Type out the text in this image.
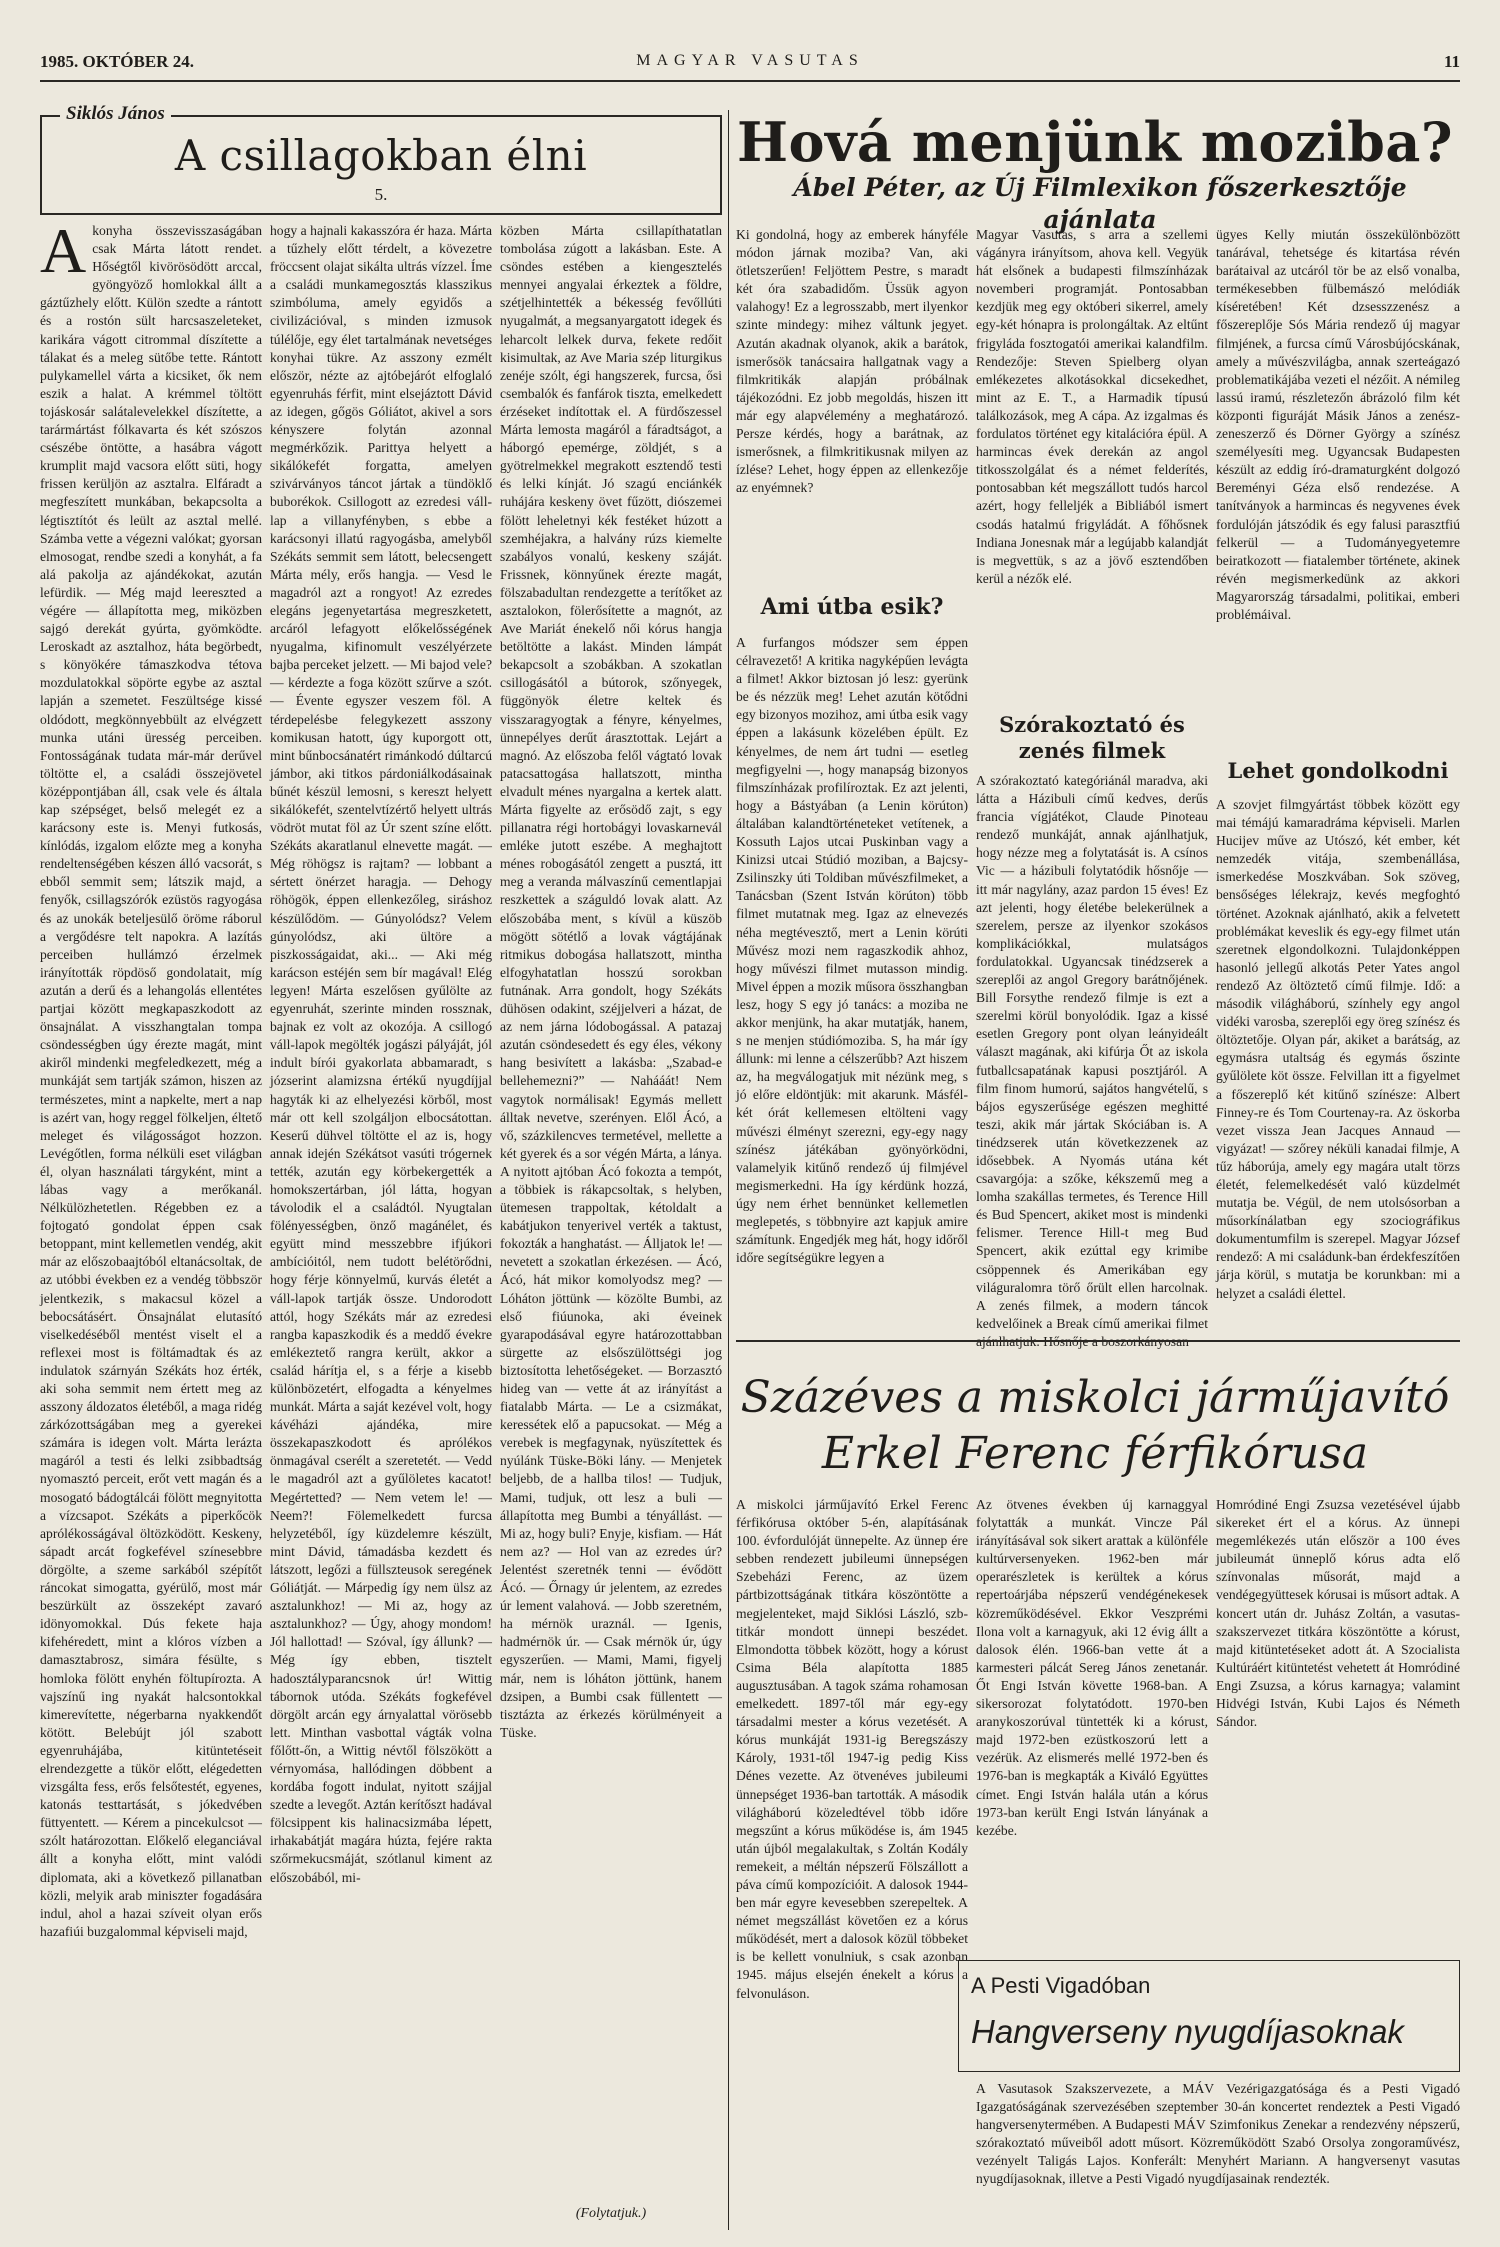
1985. OKTÓBER 24.	MAGYAR VASUTAS	11
Siklós János
A csillagokban élni
5.

Akonyha összevisszaságában csak Márta látott rendet. Hőségtől kivörösödött arccal, gyöngyöző homlokkal állt a gáztűzhely előtt. Külön szedte a rántott és a rostón sült harcsaszeleteket, karikára vágott citrommal díszítette a tálakat és a meleg sütőbe tette. Rántott pulykamellel várta a kicsiket, ők nem eszik a halat. A krémmel töltött tojáskosár salátalevelekkel díszítette, a tarármártást fólkavarta és két szószos csészébe öntötte, a hasábra vágott krumplit majd vacsora előtt süti, hogy frissen kerüljön az asztalra. Elfáradt a megfeszített munkában, bekapcsolta a légtisztítót és leült az asztal mellé. Számba vette a végezni valókat; gyorsan elmosogat, rendbe szedi a konyhát, a fa alá pakolja az ajándékokat, azután lefürdik. — Még majd leereszted a végére — állapította meg, miközben sajgó derekát gyúrta, gyömködte. Leroskadt az asztalhoz, háta begörbedt, s könyökére támaszkodva tétova mozdulatokkal söpörte egybe az asztal lapján a szemetet. Feszültsége kissé oldódott, megkönnyebbült az elvégzett munka utáni üresség perceiben. Fontosságának tudata már-már derűvel töltötte el, a családi összejövetel középpontjában áll, csak vele és általa kap szépséget, belső melegét ez a karácsony este is. Menyi futkosás, kínlódás, izgalom előzte meg a konyha rendeltenségében készen álló vacsorát, s ebből semmit sem; látszik majd, a fenyők, csillagszórók ezüstös ragyogása és az unokák beteljesülő öröme ráborul a vergődésre telt napokra. A lazítás perceiben hullámzó érzelmek irányították röpdöső gondolatait, míg azután a derű és a lehangolás ellentétes partjai között megkapaszkodott az önsajnálat. A visszhangtalan tompa csöndességben úgy érezte magát, mint akiről mindenki megfeledkezett, még a munkáját sem tartják számon, hiszen az természetes, mint a napkelte, mert a nap is azért van, hogy reggel fölkeljen, éltető meleget és világosságot hozzon. Levégőtlen, forma nélküli eset világban él, olyan használati tárgyként, mint a lábas vagy a merőkanál. Nélkülözhetetlen. Régebben ez a fojtogató gondolat éppen csak betoppant, mint kellemetlen vendég, akit már az előszobaajtóból eltanácsoltak, de az utóbbi években ez a vendég többször jelentkezik, s makacsul közel a bebocsátásért. Önsajnálat elutasító viselkedéséből mentést viselt el a reflexei most is föltámadtak és az indulatok szárnyán Székáts hoz érték, aki soha semmit nem értett meg az asszony áldozatos életéből, a maga ridég zárkózottságában meg a gyerekei számára is idegen volt. Márta lerázta magáról a testi és lelki zsibbadtság nyomasztó perceit, erőt vett magán és a mosogató bádogtálcái fölött megnyitotta a vízcsapot. Székáts a piperkőcök aprólékosságával öltözködött. Keskeny, sápadt arcát fogkefével színesebbre dörgölte, a szeme sarkából szépítőt ráncokat simogatta, gyérülő, most már beszürkült az összeképt zavaró idönyomokkal. Dús fekete haja kifehéredett, mint a klóros vízben a damasztabrosz, simára fésülte, s homloka fölött enyhén föltupírozta. A vajszínű ing nyakát halcsontokkal kimerevítette, négerbarna nyakkendőt kötött. Belebújt jól szabott egyenruhájába, kitüntetéseit elrendezgette a tükör előtt, elégedetten vizsgálta fess, erős felsőtestét, egyenes, katonás testtartását, s jókedvében füttyentett. — Kérem a pincekulcsot — szólt határozottan. Előkelő eleganciával állt a konyha előtt, mint valódi diplomata, aki a következő pillanatban közli, melyik arab miniszter fogadására indul, ahol a hazai szíveit olyan erős hazafiúi buzgalommal képviseli majd,

hogy a hajnali kakasszóra ér haza. Márta a tűzhely előtt térdelt, a kövezetre fröccsent olajat sikálta ultrás vízzel. Íme a családi munkamegosztás klasszikus szimbóluma, amely egyidős a civilizációval, s minden izmusok túlélője, egy élet tartalmának nevetséges konyhai tükre. Az asszony ezmélt először, nézte az ajtóbejárót elfoglaló egyenruhás férfit, mint elsejáztott Dávid az idegen, gőgös Góliátot, akivel a sors kényszere folytán azonnal megmérkőzik. Parittya helyett a sikálókefét forgatta, amelyen szivárványos táncot jártak a tündöklő buborékok. Csillogott az ezredesi váll-lap a villanyfényben, s ebbe a karácsonyi illatú ragyogásba, amelyből Székáts semmit sem látott, belecsengett Márta mély, erős hangja. — Vesd le magadról azt a rongyot! Az ezredes elegáns jegenyetartása megreszketett, arcáról lefagyott előkelősségének nyugalma, kifinomult veszélyérzete bajba perceket jelzett. — Mi bajod vele? — kérdezte a foga között szűrve a szót. — Évente egyszer veszem föl. A térdepelésbe felegykezett asszony komikusan hatott, úgy kuporgott ott, mint bűnbocsánatért rimánkodó dúltarcú jámbor, aki titkos párdoniálkodásainak bűnét készül lemosni, s kereszt helyett sikálókefét, szentelvtízértő helyett ultrás vödröt mutat föl az Úr szent színe előtt. Székáts akaratlanul elnevette magát. — Még röhögsz is rajtam? — lobbant a sértett önérzet haragja. — Dehogy röhögök, éppen ellenkezőleg, siráshoz készülődöm. — Gúnyolódsz? Velem gúnyolódsz, aki ültöre a piszkosságaidat, aki... — Aki még karácson estéjén sem bír magával! Elég legyen! Márta eszelősen gyűlölte az egyenruhát, szerinte minden rossznak, bajnak ez volt az okozója. A csillogó váll-lapok megölték jogászi pályáját, jól indult bírói gyakorlata abbamaradt, s józserint alamizsna értékű nyugdíjjal hagyták ki az elhelyezési körből, most már ott kell szolgáljon elbocsátottan. Keserű dühvel töltötte el az is, hogy annak idején Székátsot vasúti trógernek tették, azután egy körbekergették a homokszertárban, jól látta, hogyan távolodik el a családtól. Nyugtalan fölényességben, önző magánélet, és együtt mind messzebbre ifjúkori ambícióitól, nem tudott belétörődni, hogy férje könnyelmű, kurvás életét a váll-lapok tartják össze. Undorodott attól, hogy Székáts már az ezredesi rangba kapaszkodik és a meddő évekre emlékeztető rangra került, akkor a család hárítja el, s a férje a kisebb különbözetért, elfogadta a kényelmes munkát. Márta a saját kezével volt, hogy kávéházi ajándéka, mire összekapaszkodott és aprólékos önmagával cserélt a szeretetét. — Vedd le magadról azt a gyűlöletes kacatot! Megértetted? — Nem vetem le! — Neem?! Fölemelkedett furcsa helyzetéből, így küzdelemre készült, mint Dávid, támadásba kezdett és látszott, legőzi a füllszteusok seregének Góliátját. — Márpedig így nem ülsz az asztalunkhoz! — Mi az, hogy az asztalunkhoz? — Úgy, ahogy mondom! Jól hallottad! — Szóval, így állunk? — Még így ebben, tisztelt hadosztályparancsnok úr! Wittig tábornok utóda. Székáts fogkefével dörgölt arcán egy árnyalattal vörösebb lett. Minthan vasbottal vágták volna főlőtt-őn, a Wittig névtől fölszökött a vérnyomása, hallódingen döbbent a kordába fogott indulat, nyitott szájjal szedte a levegőt. Aztán kerítőszt hadával fölcsippent kis halinacsizmába lépett, irhakabátját magára húzta, fejére rakta szőrmekucsmáját, szótlanul kiment az előszobából, mi-

közben Márta csillapíthatatlan tombolása zúgott a lakásban. Este. A csöndes estében a kiengesztelés mennyei angyalai érkeztek a földre, szétjelhintették a békesség fevőllúti nyugalmát, a megsanyargatott idegek és leharcolt lelkek durva, fekete redőit kisimultak, az Ave Maria szép liturgikus zenéje szólt, égi hangszerek, furcsa, ősi csembalók és fanfárok tiszta, emelkedett érzéseket indítottak el. A fürdőszessel Márta lemosta magáról a fáradtságot, a háborgó epemérge, zöldjét, s a gyötrelmekkel megrakott esztendő testi és lelki kínját. Jó szagú enciánkék ruhájára keskeny övet fűzött, diószemei fölött leheletnyi kék festéket húzott a szemhéjakra, a halvány rúzs kiemelte szabályos vonalú, keskeny száját. Frissnek, könnyűnek érezte magát, fölszabadultan rendezgette a terítőket az asztalokon, fölerősítette a magnót, az Ave Mariát énekelő női kórus hangja betöltötte a lakást. Minden lámpát bekapcsolt a szobákban. A szokatlan csillogásától a bútorok, szőnyegek, függönyök életre keltek és visszaragyogtak a fényre, kényelmes, ünnepélyes derűt árasztottak. Lejárt a magnó. Az előszoba felől vágtató lovak patacsattogása hallatszott, mintha elvadult ménes nyargalna a kertek alatt. Márta figyelte az erősödő zajt, s egy pillanatra régi hortobágyi lovaskarnevál emléke jutott eszébe. A meghajtott ménes robogásától zengett a pusztá, itt meg a veranda málvaszínű cementlapjai reszkettek a száguldó lovak alatt. Az előszobába ment, s kívül a küszöb mögött sötétlő a lovak vágtájának ritmikus dobogása hallatszott, mintha elfogyhatatlan hosszú sorokban futnának. Arra gondolt, hogy Székáts dühösen odakint, széjjelveri a házat, de az nem járna lódobogással. A patazaj azután csöndesedett és egy éles, vékony hang besivített a lakásba: „Szabad-e bellehemezni?” — Nahááát! Nem vagytok normálisak! Egymás mellett álltak nevetve, szerényen. Elől Ácó, a vő, százkilencves termetével, mellette a két gyerek és a sor végén Márta, a lánya. A nyitott ajtóban Ácó fokozta a tempót, a többiek is rákapcsoltak, s helyben, ütemesen trappoltak, kétoldalt a kabátjukon tenyerivel verték a taktust, fokozták a hanghatást. — Álljatok le! — nevetett a szokatlan érkezésen. — Ácó, Ácó, hát mikor komolyodsz meg? — Lóháton jöttünk — közölte Bumbi, az első fiúunoka, aki éveinek gyarapodásával egyre határozottabban sürgette az elsőszülöttségi jog biztosította lehetőségeket. — Borzasztó hideg van — vette át az irányítást a fiatalabb Márta. — Le a csizmákat, keressétek elő a papucsokat. — Még a verebek is megfagynak, nyüszítettek és nyúlánk Tüske-Böki lány. — Menjetek beljebb, de a hallba tilos! — Tudjuk, Mami, tudjuk, ott lesz a buli — állapította meg Bumbi a tényállást. — Mi az, hogy buli? Enyje, kisfiam. — Hát nem az? — Hol van az ezredes úr? Jelentést szeretnék tenni — évődött Ácó. — Őrnagy úr jelentem, az ezredes úr lement valahová. — Jobb szeretném, ha mérnök uraznál. — Igenis, hadmérnök úr. — Csak mérnök úr, úgy egyszerűen. — Mami, Mami, figyelj már, nem is lóháton jöttünk, hanem dzsipen, a Bumbi csak füllentett — tisztázta az érkezés körülményeit a Tüske.

(Folytatjuk.)
Hová menjünk moziba?
Ábel Péter, az Új Filmlexikon főszerkesztője ajánlata

Ki gondolná, hogy az emberek hányféle módon járnak moziba? Van, aki ötletszerűen! Feljöttem Pestre, s maradt két óra szabadidőm. Üssük agyon valahogy! Ez a legrosszabb, mert ilyenkor szinte mindegy: mihez váltunk jegyet. Azután akadnak olyanok, akik a barátok, ismerősök tanácsaira hallgatnak vagy a filmkritikák alapján próbálnak tájékozódni. Ez jobb megoldás, hiszen itt már egy alapvélemény a meghatározó. Persze kérdés, hogy a barátnak, az ismerősnek, a filmkritikusnak milyen az ízlése? Lehet, hogy éppen az ellenkezője az enyémnek?

Ami útba esik?

A furfangos módszer sem éppen célravezető! A kritika nagyképűen levágta a filmet! Akkor biztosan jó lesz: gyerünk be és nézzük meg! Lehet azután kötődni egy bizonyos mozihoz, ami útba esik vagy éppen a lakásunk közelében épült. Ez kényelmes, de nem árt tudni — esetleg megfigyelni —, hogy manapság bizonyos filmszínházak profilíroztak. Ez azt jelenti, hogy a Bástyában (a Lenin körúton) általában kalandtörténeteket vetítenek, a Kossuth Lajos utcai Puskinban vagy a Kinizsi utcai Stúdió moziban, a Bajcsy-Zsilinszky úti Toldiban művészfilmeket, a Tanácsban (Szent István körúton) több filmet mutatnak meg. Igaz az elnevezés néha megtévesztő, mert a Lenin körúti Művész mozi nem ragaszkodik ahhoz, hogy művészi filmet mutasson mindig. Mivel éppen a mozik műsora összhangban lesz, hogy S egy jó tanács: a moziba ne akkor menjünk, ha akar mutatják, hanem, s ne menjen stúdiómoziba. S, ha már így állunk: mi lenne a célszerűbb? Azt hiszem az, ha megválogatjuk mit nézünk meg, s jó előre eldöntjük: mit akarunk. Másfél-két órát kellemesen eltölteni vagy művészi élményt szerezni, egy-egy nagy színész játékában gyönyörködni, valamelyik kitűnő rendező új filmjével megismerkedni. Ha így kérdünk hozzá, úgy nem érhet bennünket kellemetlen meglepetés, s többnyire azt kapjuk amire számítunk. Engedjék meg hát, hogy időről időre segítségükre legyen a

Magyar Vasutas, s arra a szellemi vágányra irányítsom, ahova kell. Vegyük hát elsőnek a budapesti filmszínházak novemberi programját. Pontosabban kezdjük meg egy októberi sikerrel, amely egy-két hónapra is prolongáltak. Az eltűnt frigyláda fosztogatói amerikai kalandfilm. Rendezője: Steven Spielberg olyan emlékezetes alkotásokkal dicsekedhet, mint az E. T., a Harmadik típusú találkozások, meg A cápa. Az izgalmas és fordulatos történet egy kitalációra épül. A harmincas évek derekán az angol titkosszolgálat és a német felderítés, pontosabban két megszállott tudós harcol azért, hogy felleljék a Bibliából ismert csodás hatalmú frigyládát. A főhősnek Indiana Jonesnak már a legújabb kalandját is megvettük, s az a jövő esztendőben kerül a nézők elé.

Szórakoztató és zenés filmek

A szórakoztató kategóriánál maradva, aki látta a Házibuli című kedves, derűs francia vígjátékot, Claude Pinoteau rendező munkáját, annak ajánlhatjuk, hogy nézze meg a folytatását is. A csínos Vic — a házibuli folytatódik hősnője — itt már nagylány, azaz pardon 15 éves! Ez azt jelenti, hogy életébe belekerülnek a szerelem, persze az ilyenkor szokásos komplikációkkal, mulatságos fordulatokkal. Ugyancsak tinédzserek a szereplői az angol Gregory barátnőjének. Bill Forsythe rendező filmje is ezt a szerelmi körül bonyolódik. Igaz a kissé esetlen Gregory pont olyan leányideált választ magának, aki kifúrja Őt az iskola futballcsapatának kapusi posztjáról. A film finom humorú, sajátos hangvételű, s bájos egyszerűsége egészen meghitté teszi, akik már jártak Skóciában is. A tinédzserek után következzenek az idősebbek. A Nyomás utána két csavargója: a szőke, kékszemű meg a lomha szakállas termetes, és Terence Hill és Bud Spencert, akiket most is mindenki felismer. Terence Hill-t meg Bud Spencert, akik ezúttal egy krimibe csöppennek és Amerikában egy világuralomra törő őrült ellen harcolnak. A zenés filmek, a modern táncok kedvelőinek a Break című amerikai filmet

ügyes Kelly miután összekülönbözött tanárával, tehetsége és kitartása révén barátaival az utcáról tör be az első vonalba, termékesebben fülbemászó melódiák kíséretében! Két dzsesszzenész a főszereplője Sós Mária rendező új magyar filmjének, a furcsa című Városbújócskának, amely a művészvilágba, annak szerteágazó problematikájába vezeti el nézőit. A némileg lassú iramú, részletezőn ábrázoló film két központi figuráját Másik János a zenész-zeneszerző és Dörner György a színész személyesíti meg. Ugyancsak Budapesten készült az eddig író-dramaturgként dolgozó Bereményi Géza első rendezése. A tanítványok a harmincas és negyvenes évek fordulóján játszódik és egy falusi parasztfiú felkerül — a Tudományegyetemre beiratkozott — fiatalember története, akinek révén megismerkedünk az akkori Magyarország társadalmi, politikai, emberi problémáival.

Lehet gondolkodni

A szovjet filmgyártást többek között egy mai témájú kamaradráma képviseli. Marlen Hucijev műve az Utószó, két ember, két nemzedék vitája, szembenállása, ismerkedése Moszkvában. Sok szöveg, bensőséges lélekrajz, kevés megfoghtó történet. Azoknak ajánlható, akik a felvetett problémákat keveslik és egy-egy filmet után szeretnek elgondolkozni. Tulajdonképpen hasonló jellegű alkotás Peter Yates angol rendező Az öltöztető című filmje. Idő: a második világháború, színhely egy angol vidéki varosba, szereplői egy öreg színész és öltöztetője. Olyan pár, akiket a barátság, az egymásra utaltság és egymás őszinte gyűlölete köt össze. Felvillan itt a figyelmet a főszereplő két kitűnő színésze: Albert Finney-re és Tom Courtenay-ra. Az öskorba vezet vissza Jean Jacques Annaud — vigyázat! — szőrey néküli kanadai filmje, A tűz háborúja, amely egy magára utalt törzs életét, felemelkedését való küzdelmét mutatja be. Végül, de nem utolsósorban a műsorkínálatban egy szociográfikus dokumentumfilm is szerepel. Magyar József rendező: A mi családunk-ban érdekfeszítően járja körül, s mutatja be korunkban: mi a helyzet a családi élettel.

Százéves a miskolci járműjavító Erkel Ferenc férfikórusa

A miskolci járműjavító Erkel Ferenc férfikórusa október 5-én, alapításának 100. évfordulóját ünnepelte. Az ünnep ére sebben rendezett jubileumi ünnepségen Szebeházi Ferenc, az üzem pártbizottságának titkára köszöntötte a megjelenteket, majd Siklósi László, szb-titkár mondott ünnepi beszédet. Elmondotta többek között, hogy a kórust Csima Béla alapította 1885 augusztusában. A tagok száma rohamosan emelkedett. 1897-től már egy-egy társadalmi mester a kórus vezetését. A kórus munkáját 1931-ig Beregszászy Károly, 1931-től 1947-ig pedig Kiss Dénes vezette. Az ötvenéves jubileumi ünnepséget 1936-ban tartották. A második világháború közeledtével több időre megszűnt a kórus működése is, ám 1945 után újból megalakultak, s Zoltán Kodály remekeit, a méltán népszerű Fölszállott a páva című kompozícióit. A dalosok 1944-ben már egyre kevesebben szerepeltek. A német megszállást követően ez a kórus működését, mert a dalosok közül többeket is be kellett vonulniuk, s csak azonban 1945. május elsején énekelt a kórus a felvonuláson.

Az ötvenes években új karnaggyal folytatták a munkát. Vincze Pál irányításával sok sikert arattak a különféle kultúrversenyeken. 1962-ben már operarészletek is kerültek a kórus repertoárjába népszerű vendégénekesek közreműködésével. Ekkor Veszprémi Ilona volt a karnagyuk, aki 12 évig állt a dalosok élén. 1966-ban vette át a karmesteri pálcát Sereg János zenetanár. Őt Engi István követte 1968-ban. A sikersorozat folytatódott. 1970-ben aranykoszorúval tüntették ki a kórust, majd 1972-ben ezüstkoszorú lett a vezérük. Az elismerés mellé 1972-ben és 1976-ban is megkapták a Kiváló Együttes címet. Engi István halála után a kórus 1973-ban került Engi István lányának a kezébe.

Homródiné Engi Zsuzsa vezetésével újabb sikereket ért el a kórus. Az ünnepi megemlékezés után először a 100 éves jubileumát ünneplő kórus adta elő színvonalas műsorát, majd a vendégegyüttesek kórusai is műsort adtak. A koncert után dr. Juhász Zoltán, a vasutas-szakszervezet titkára köszöntötte a kórust, majd kitüntetéseket adott át. A Szocialista Kultúráért kitüntetést vehetett át Homródiné Engi Zsuzsa, a kórus karnagya; valamint Hidvégi István, Kubi Lajos és Németh Sándor.

A Pesti Vigadóban
Hangverseny nyugdíjasoknak

A Vasutasok Szakszervezete, a MÁV Vezérigazgatósága és a Pesti Vigadó Igazgatóságának szervezésében szeptember 30-án koncertet rendeztek a Pesti Vigadó hangversenytermében. A Budapesti MÁV Szimfonikus Zenekar a rendezvény népszerű, szórakoztató műveiből adott műsort. Közreműködött Szabó Orsolya zongoraművész, vezényelt Taligás Lajos. Konferált: Menyhért Mariann. A hangversenyt vasutas nyugdíjasoknak, illetve a Pesti Vigadó nyugdíjasainak rendezték.
